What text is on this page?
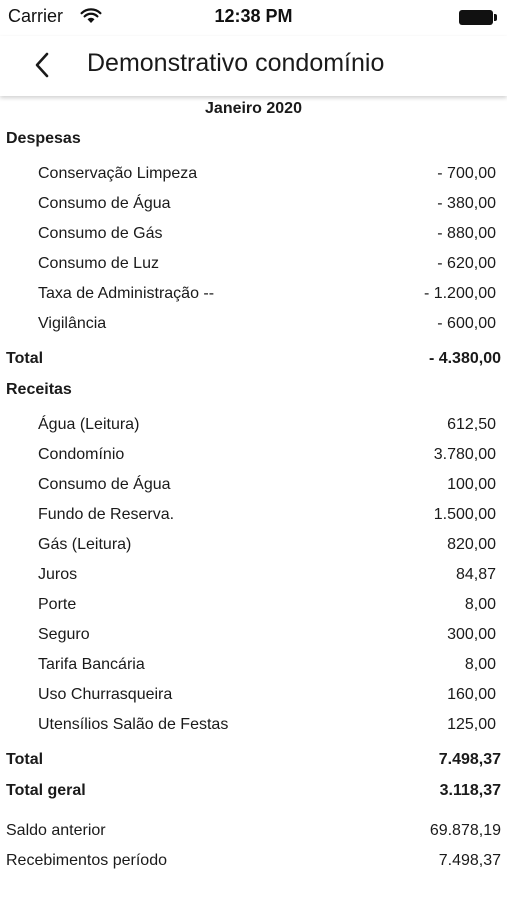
Carrier	12:38 PM
Demonstrativo condomínio
Janeiro 2020
Despesas
Conservação Limpeza	- 700,00
Consumo de Água	- 380,00
Consumo de Gás	- 880,00
Consumo de Luz	- 620,00
Taxa de Administração --	- 1.200,00
Vigilância	- 600,00
Total	- 4.380,00
Receitas
Água (Leitura)	612,50
Condomínio	3.780,00
Consumo de Água	100,00
Fundo de Reserva.	1.500,00
Gás (Leitura)	820,00
Juros	84,87
Porte	8,00
Seguro	300,00
Tarifa Bancária	8,00
Uso Churrasqueira	160,00
Utensílios Salão de Festas	125,00
Total	7.498,37
Total geral	3.118,37
Saldo anterior	69.878,19
Recebimentos período	7.498,37
